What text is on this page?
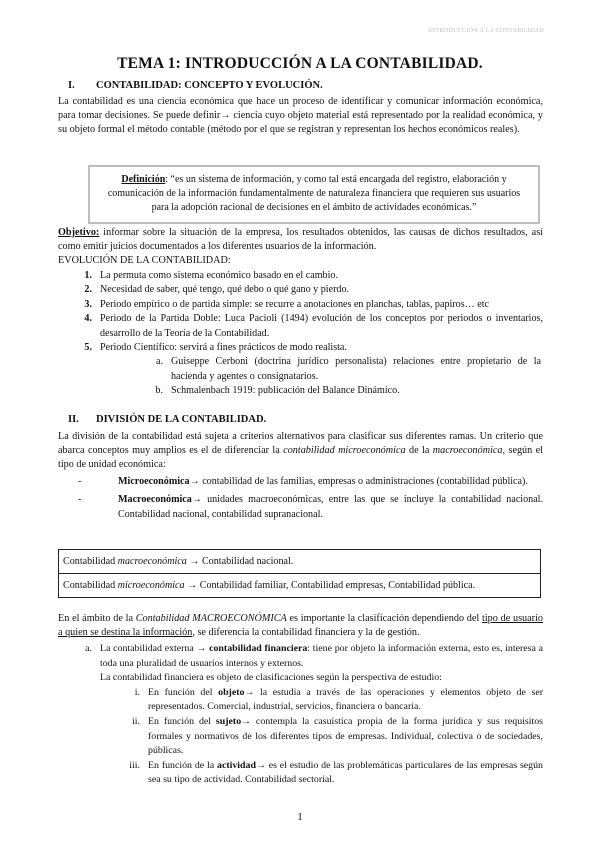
INTRODUCCIÓN A LA CONTABILIDAD
TEMA 1: INTRODUCCIÓN A LA CONTABILIDAD.
I. CONTABILIDAD: CONCEPTO Y EVOLUCIÓN.
La contabilidad es una ciencia económica que hace un proceso de identificar y comunicar información económica, para tomar decisiones. Se puede definir→ ciencia cuyo objeto material está representado por la realidad económica, y su objeto formal el método contable (método por el que se registran y representan los hechos económicos reales).
Definición: “es un sistema de información, y como tal está encargada del registro, elaboración y comunicación de la información fundamentalmente de naturaleza financiera que requieren sus usuarios para la adopción racional de decisiones en el ámbito de actividades económicas.”
Objetivo: informar sobre la situación de la empresa, los resultados obtenidos, las causas de dichos resultados, así como emitir juicios documentados a los diferentes usuarios de la información.
EVOLUCIÓN DE LA CONTABILIDAD:
1. La permuta como sistema económico basado en el cambio.
2. Necesidad de saber, qué tengo, qué debo o qué gano y pierdo.
3. Periodo empírico o de partida simple: se recurre a anotaciones en planchas, tablas, papiros… etc
4. Periodo de la Partida Doble: Luca Pacioli (1494) evolución de los conceptos por periodos o inventarios, desarrollo de la Teoría de la Contabilidad.
5. Periodo Científico: servirá a fines prácticos de modo realista.
a. Guiseppe Cerboni (doctrina jurídico personalista) relaciones entre propietario de la hacienda y agentes o consignatarios.
b. Schmalenbach 1919: publicación del Balance Dinámico.
II. DIVISIÓN DE LA CONTABILIDAD.
La división de la contabilidad está sujeta a criterios alternativos para clasificar sus diferentes ramas. Un criterio que abarca conceptos muy amplios es el de diferenciar la contabilidad microeconómica de la macroeconómica, según el tipo de unidad económica:
-	Microeconómica→ contabilidad de las familias, empresas o administraciones (contabilidad pública).
-	Macroeconómica→ unidades macroeconómicas, entre las que se incluye la contabilidad nacional. Contabilidad nacional, contabilidad supranacional.
Contabilidad macroeconómica → Contabilidad nacional.
Contabilidad microeconómica → Contabilidad familiar, Contabilidad empresas, Contabilidad pública.
En el ámbito de la Contabilidad MACROECONÓMICA es importante la clasificación dependiendo del tipo de usuario a quien se destina la información, se diferencia la contabilidad financiera y la de gestión.
a. La contabilidad externa → contabilidad financiera: tiene por objeto la información externa, esto es, interesa a toda una pluralidad de usuarios internos y externos.
La contabilidad financiera es objeto de clasificaciones según la perspectiva de estudio:
i. En función del objeto→ la estudia a través de las operaciones y elementos objeto de ser representados. Comercial, industrial, servicios, financiera o bancaria.
ii. En función del sujeto→ contempla la casuística propia de la forma jurídica y sus requisitos formales y normativos de los diferentes tipos de empresas. Individual, colectiva o de sociedades, públicas.
iii. En función de la actividad→ es el estudio de las problemáticas particulares de las empresas según sea su tipo de actividad. Contabilidad sectorial.
1
